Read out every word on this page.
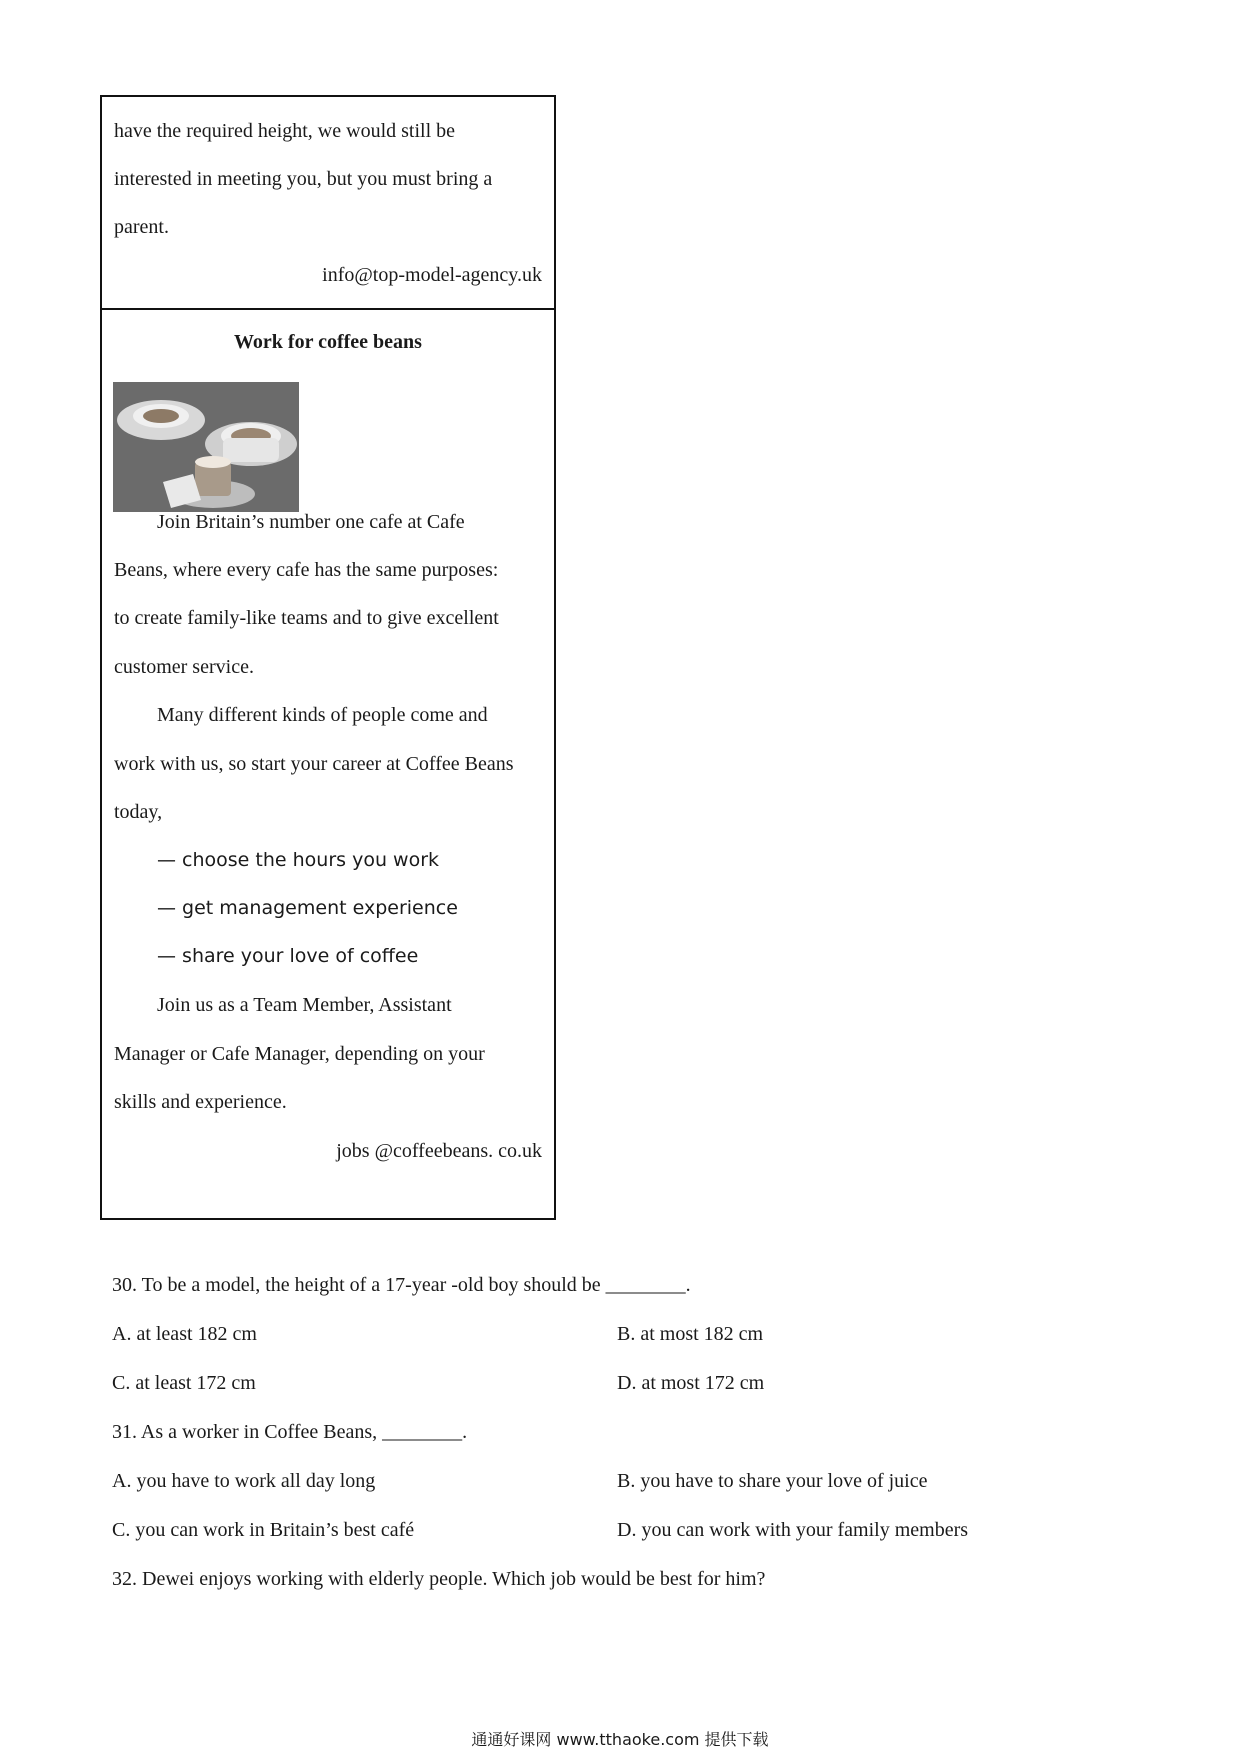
have the required height, we would still be
interested in meeting you, but you must bring a
parent.
info@top-model-agency.uk
Work for coffee beans
Join Britain’s number one cafe at Cafe
Beans, where every cafe has the same purposes:
to create family-like teams and to give excellent
customer service.
Many different kinds of people come and
work with us, so start your career at Coffee Beans
today,
— choose the hours you work
— get management experience
— share your love of coffee
Join us as a Team Member, Assistant
Manager or Cafe Manager, depending on your
skills and experience.
jobs @coffeebeans. co.uk
30. To be a model, the height of a 17-year -old boy should be ________.
A. at least 182 cm	B. at most 182 cm
C. at least 172 cm	D. at most 172 cm
31. As a worker in Coffee Beans, ________.
A. you have to work all day long	B. you have to share your love of juice
C. you can work in Britain’s best café	D. you can work with your family members
32. Dewei enjoys working with elderly people. Which job would be best for him?
通通好课网 www.tthaoke.com 提供下载
